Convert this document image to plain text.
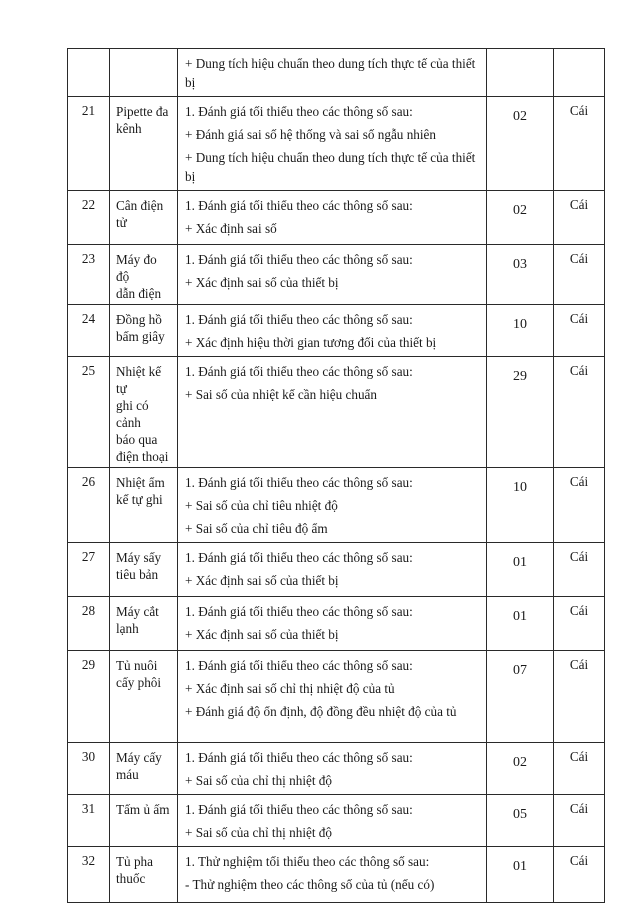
		+ Dung tích hiệu chuẩn theo dung tích thực tế của thiết bị		

21	Pipette đa
kênh	1. Đánh giá tối thiểu theo các thông số sau:
+ Đánh giá sai số hệ thống và sai số ngẫu nhiên
+ Dung tích hiệu chuẩn theo dung tích thực tế của thiết bị	02	Cái
22	Cân điện tử	1. Đánh giá tối thiểu theo các thông số sau:
+ Xác định sai số	02	Cái
23	Máy đo độ
dẫn điện	1. Đánh giá tối thiểu theo các thông số sau:
+ Xác định sai số của thiết bị	03	Cái
24	Đồng hồ
bấm giây	1. Đánh giá tối thiểu theo các thông số sau:
+ Xác định hiệu thời gian tương đối của thiết bị	10	Cái
25	Nhiệt kế tự
ghi có cảnh
báo qua
điện thoại	1. Đánh giá tối thiểu theo các thông số sau:
+ Sai số của nhiệt kế cần hiệu chuẩn	29	Cái
26	Nhiệt ẩm
kế tự ghi	1. Đánh giá tối thiểu theo các thông số sau:
+ Sai số của chỉ tiêu nhiệt độ
+ Sai số của chỉ tiêu độ ẩm	10	Cái
27	Máy sấy
tiêu bản	1. Đánh giá tối thiểu theo các thông số sau:
+ Xác định sai số của thiết bị	01	Cái
28	Máy cắt
lạnh	1. Đánh giá tối thiểu theo các thông số sau:
+ Xác định sai số của thiết bị	01	Cái
29	Tủ nuôi
cấy phôi	1. Đánh giá tối thiểu theo các thông số sau:
+ Xác định sai số chỉ thị nhiệt độ của tủ
+ Đánh giá độ ổn định, độ đồng đều nhiệt độ của tủ	07	Cái
30	Máy cấy
máu	1. Đánh giá tối thiểu theo các thông số sau:
+ Sai số của chỉ thị nhiệt độ	02	Cái
31	Tấm ủ ấm	1. Đánh giá tối thiểu theo các thông số sau:
+ Sai số của chỉ thị nhiệt độ	05	Cái
32	Tủ pha
thuốc	1. Thử nghiệm tối thiểu theo các thông số sau:
- Thử nghiệm theo các thông số của tủ (nếu có)	01	Cái
